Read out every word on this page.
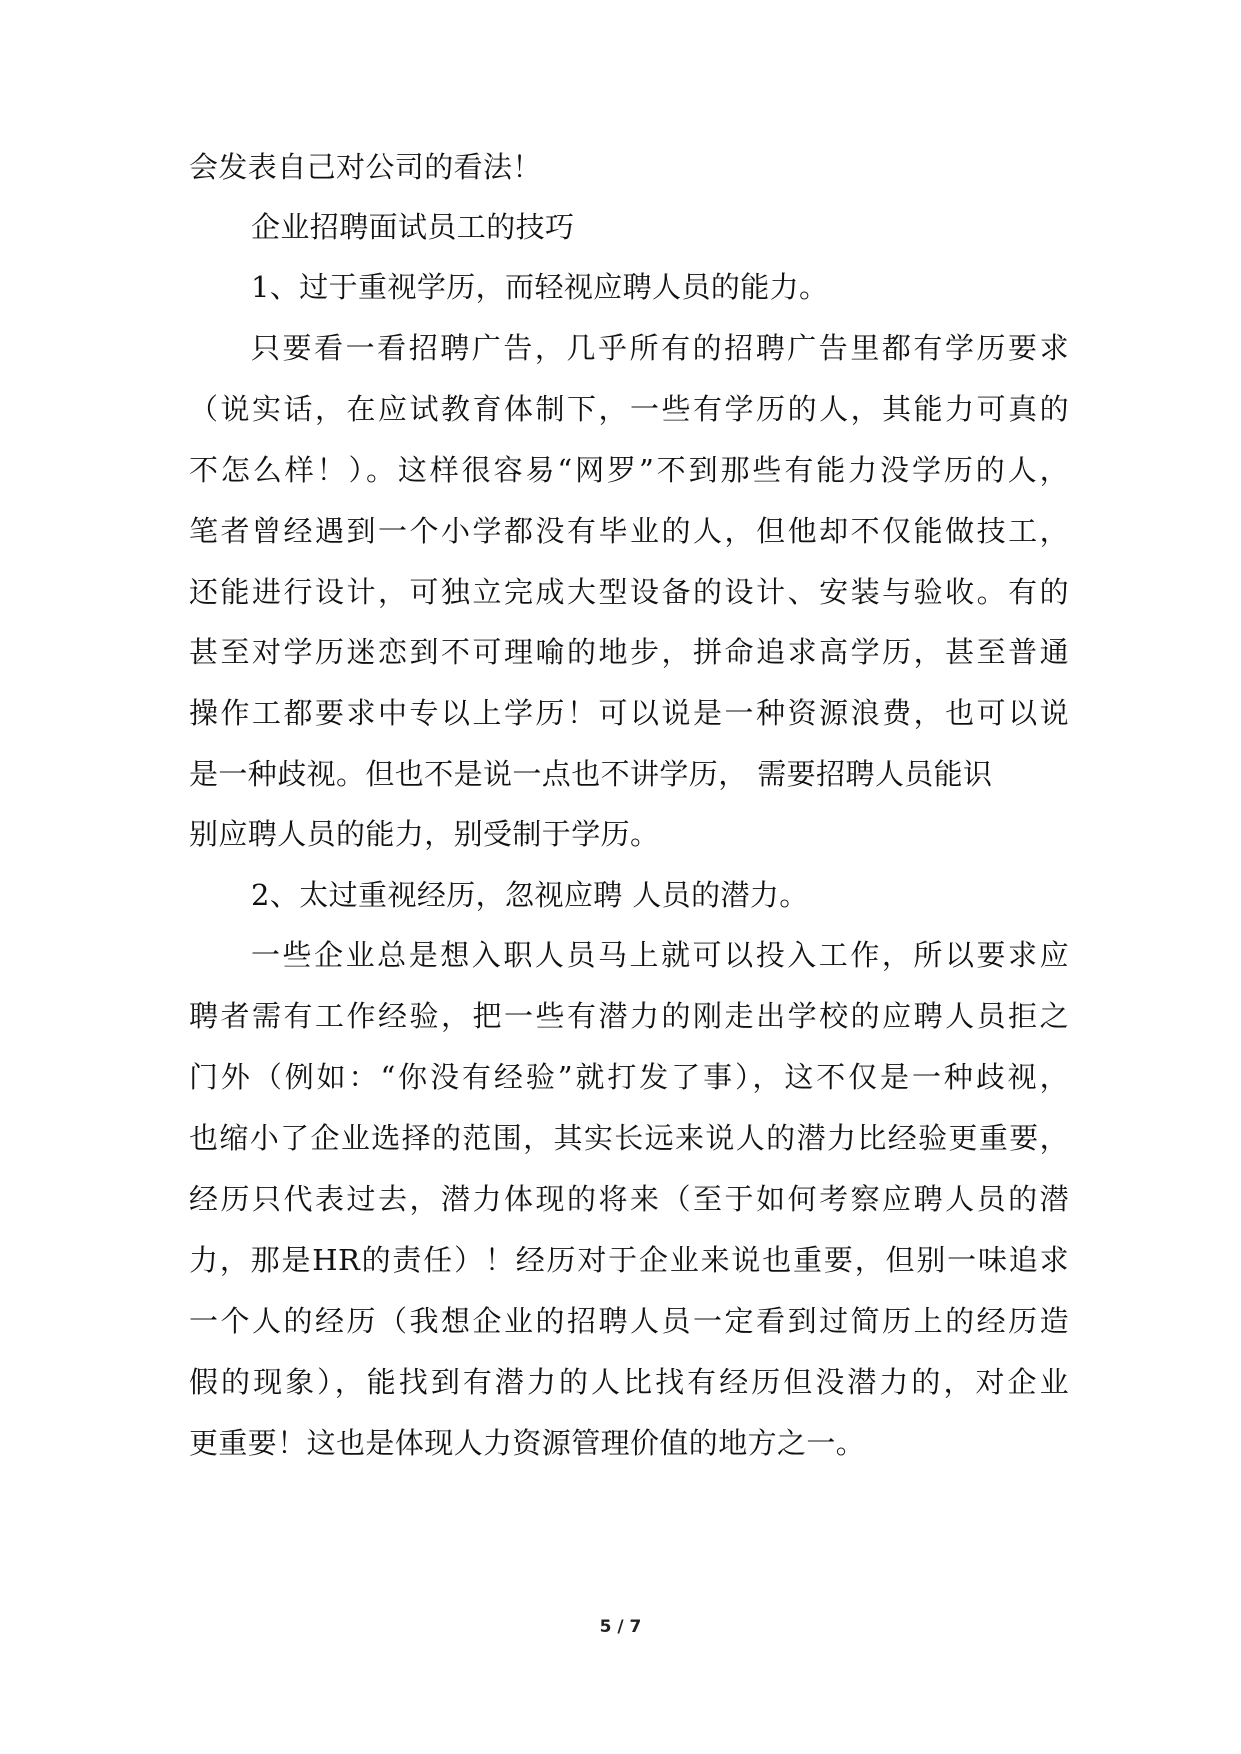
会发表自己对公司的看法！
企业招聘面试员工的技巧
1、过于重视学历，而轻视应聘人员的能力。
只要看一看招聘广告，几乎所有的招聘广告里都有学历要求
（说实话，在应试教育体制下，一些有学历的人，其能力可真的
不怎么样！）。这样很容易“网罗”不到那些有能力没学历的人，
笔者曾经遇到一个小学都没有毕业的人，但他却不仅能做技工，
还能进行设计，可独立完成大型设备的设计、安装与验收。有的
甚至对学历迷恋到不可理喻的地步，拼命追求高学历，甚至普通
操作工都要求中专以上学历！可以说是一种资源浪费，也可以说
是一种歧视。但也不是说一点也不讲学历， 需要招聘人员能识
别应聘人员的能力，别受制于学历。
2、太过重视经历，忽视应聘 人员的潜力。
一些企业总是想入职人员马上就可以投入工作，所以要求应
聘者需有工作经验，把一些有潜力的刚走出学校的应聘人员拒之
门外（例如：“你没有经验”就打发了事），这不仅是一种歧视，
也缩小了企业选择的范围，其实长远来说人的潜力比经验更重要，
经历只代表过去，潜力体现的将来（至于如何考察应聘人员的潜
力，那是HR的责任）！经历对于企业来说也重要，但别一味追求
一个人的经历（我想企业的招聘人员一定看到过简历上的经历造
假的现象），能找到有潜力的人比找有经历但没潜力的，对企业
更重要！这也是体现人力资源管理价值的地方之一。
5 / 7
